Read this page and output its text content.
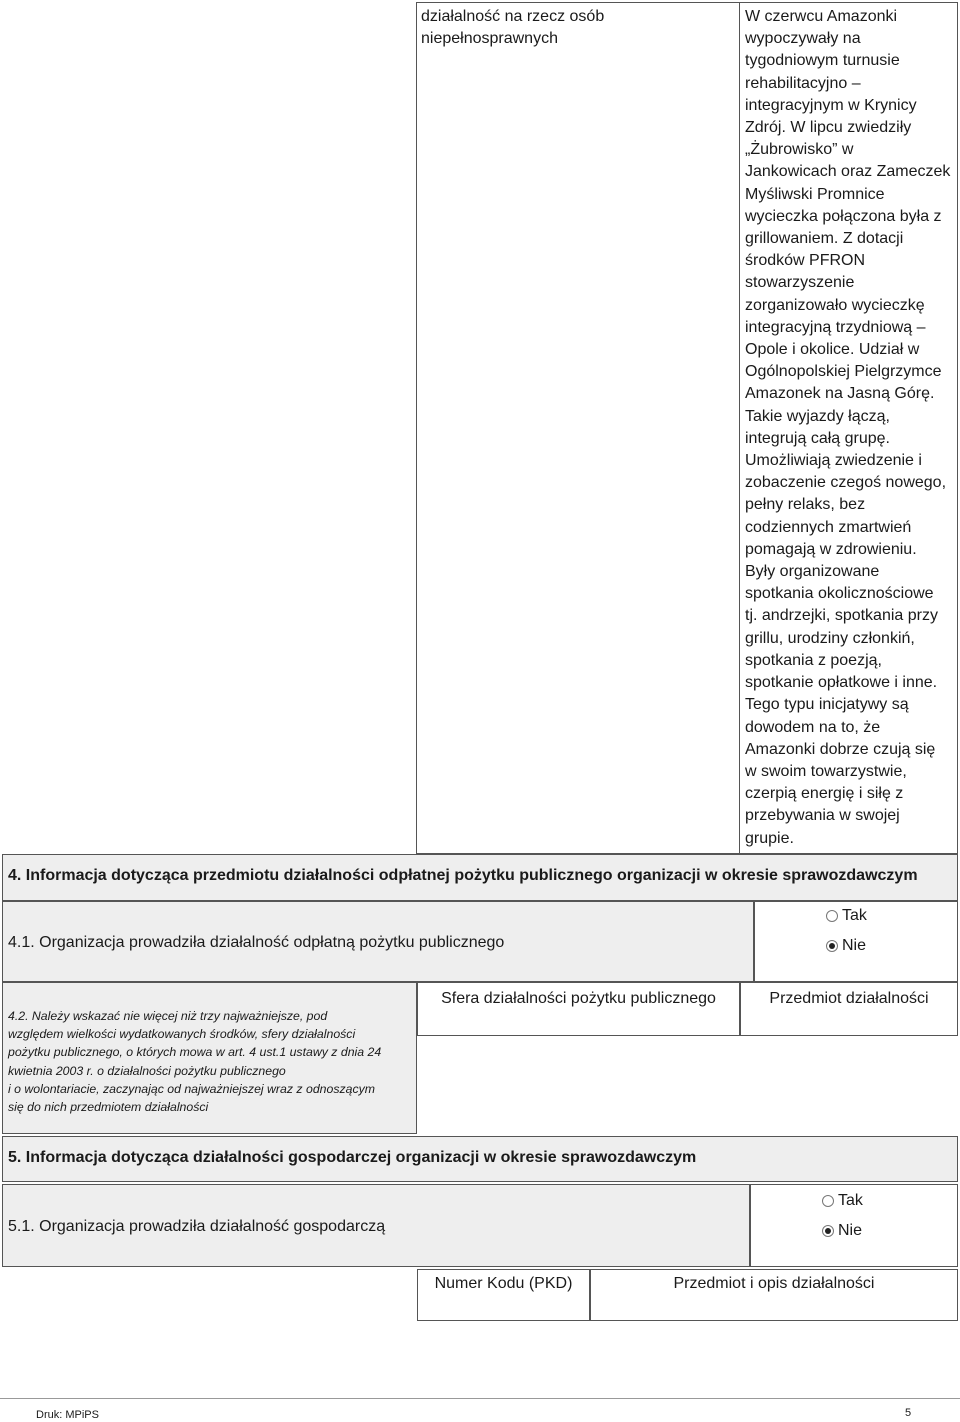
działalność na rzecz osób niepełnosprawnych
W czerwcu Amazonki
wypoczywały na
tygodniowym turnusie
rehabilitacyjno –
integracyjnym w Krynicy
Zdrój. W lipcu zwiedziły
„Żubrowisko” w
Jankowicach oraz Zameczek
Myśliwski Promnice
wycieczka połączona była z
grillowaniem. Z dotacji
środków PFRON
stowarzyszenie
zorganizowało wycieczkę
integracyjną trzydniową –
Opole i okolice. Udział w
Ogólnopolskiej Pielgrzymce
Amazonek na Jasną Górę.
Takie wyjazdy łączą,
integrują całą grupę.
Umożliwiają zwiedzenie i
zobaczenie czegoś nowego,
pełny relaks, bez
codziennych zmartwień
pomagają w zdrowieniu.
Były organizowane
spotkania okolicznościowe
tj. andrzejki, spotkania przy
grillu, urodziny członkiń,
spotkania z poezją,
spotkanie opłatkowe i inne.
Tego typu inicjatywy są
dowodem na to, że
Amazonki dobrze czują się
w swoim towarzystwie,
czerpią energię i siłę z
przebywania w swojej
grupie.
4. Informacja dotycząca przedmiotu działalności odpłatnej pożytku publicznego organizacji w okresie sprawozdawczym
4.1. Organizacja prowadziła działalność odpłatną pożytku publicznego
Tak
Nie
4.2. Należy wskazać nie więcej niż trzy najważniejsze, pod
względem wielkości wydatkowanych środków, sfery działalności
pożytku publicznego, o których mowa w art. 4 ust.1 ustawy z dnia 24
kwietnia 2003 r. o działalności pożytku publicznego
i o wolontariacie, zaczynając od najważniejszej wraz z odnoszącym
się do nich przedmiotem działalności
Sfera działalności pożytku publicznego	Przedmiot działalności
5. Informacja dotycząca działalności gospodarczej organizacji w okresie sprawozdawczym
5.1. Organizacja prowadziła działalność gospodarczą
Tak
Nie
Numer Kodu (PKD)	Przedmiot i opis działalności
Druk: MPiPS	5
